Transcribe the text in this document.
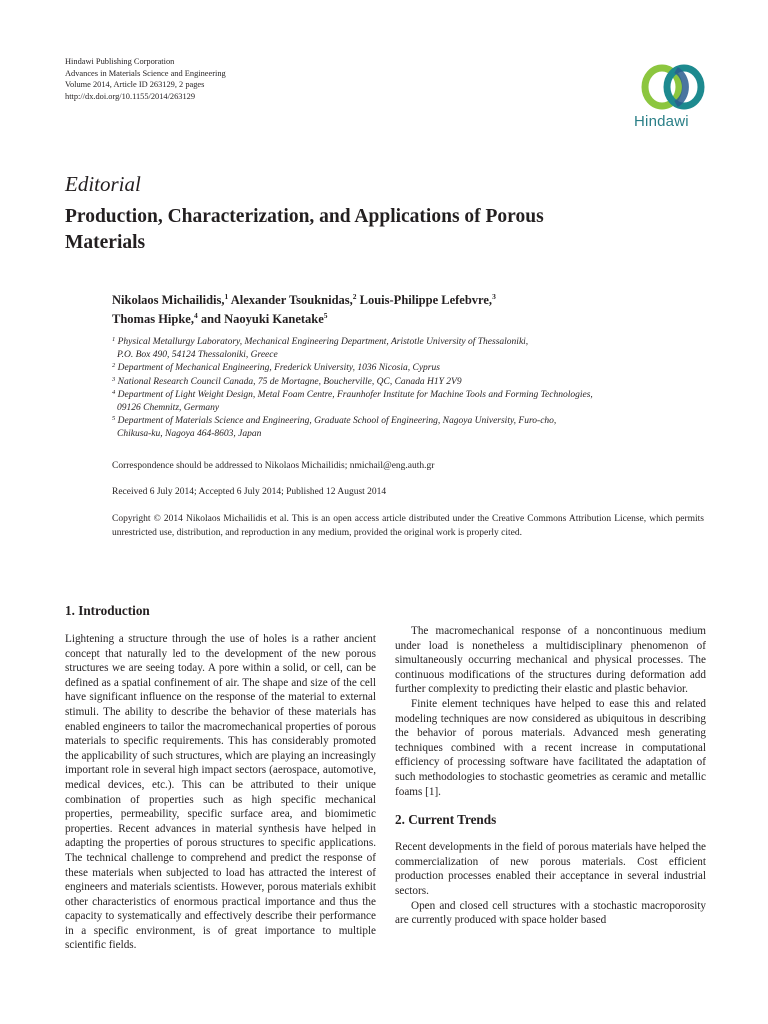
Hindawi Publishing Corporation
Advances in Materials Science and Engineering
Volume 2014, Article ID 263129, 2 pages
http://dx.doi.org/10.1155/2014/263129
Hindawi
Editorial
Production, Characterization, and Applications of Porous Materials
Nikolaos Michailidis,$^1$ Alexander Tsouknidas,$^2$ Louis-Philippe Lefebvre,$^3$
Thomas Hipke,$^4$ and Naoyuki Kanetake$^5$
$^1$ Physical Metallurgy Laboratory, Mechanical Engineering Department, Aristotle University of Thessaloniki,
P.O. Box 490, 54124 Thessaloniki, Greece
$^2$ Department of Mechanical Engineering, Frederick University, 1036 Nicosia, Cyprus
$^3$ National Research Council Canada, 75 de Mortagne, Boucherville, QC, Canada H1Y 2V9
$^4$ Department of Light Weight Design, Metal Foam Centre, Fraunhofer Institute for Machine Tools and Forming Technologies,
09126 Chemnitz, Germany
$^5$ Department of Materials Science and Engineering, Graduate School of Engineering, Nagoya University, Furo-cho,
Chikusa-ku, Nagoya 464-8603, Japan
Correspondence should be addressed to Nikolaos Michailidis; nmichail@eng.auth.gr
Received 6 July 2014; Accepted 6 July 2014; Published 12 August 2014
Copyright © 2014 Nikolaos Michailidis et al. This is an open access article distributed under the Creative Commons Attribution License, which permits unrestricted use, distribution, and reproduction in any medium, provided the original work is properly cited.
1. Introduction

Lightening a structure through the use of holes is a rather ancient concept that naturally led to the development of the new porous structures we are seeing today. A pore within a solid, or cell, can be defined as a spatial confinement of air. The shape and size of the cell have significant influence on the response of the material to external stimuli. The ability to describe the behavior of these materials has enabled engineers to tailor the macromechanical properties of porous materials to specific requirements. This has considerably promoted the applicability of such structures, which are playing an increasingly important role in several high impact sectors (aerospace, automotive, medical devices, etc.). This can be attributed to their unique combination of properties such as high specific mechanical properties, permeability, specific surface area, and biomimetic properties. Recent advances in material synthesis have helped in adapting the properties of porous structures to specific applications. The technical challenge to comprehend and predict the response of these materials when subjected to load has attracted the interest of engineers and materials scientists. However, porous materials exhibit other characteristics of enormous practical importance and thus the capacity to systematically and effectively describe their performance in a specific environment, is of great importance to multiple scientific fields.

The macromechanical response of a noncontinuous medium under load is nonetheless a multidisciplinary phenomenon of simultaneously occurring mechanical and physical processes. The continuous modifications of the structures during deformation add further complexity to predicting their elastic and plastic behavior.

Finite element techniques have helped to ease this and related modeling techniques are now considered as ubiquitous in describing the behavior of porous materials. Advanced mesh generating techniques combined with a recent increase in computational efficiency of processing software have facilitated the adaptation of such methodologies to stochastic geometries as ceramic and metallic foams [1].

2. Current Trends

Recent developments in the field of porous materials have helped the commercialization of new porous materials. Cost efficient production processes enabled their acceptance in several industrial sectors.

Open and closed cell structures with a stochastic macroporosity are currently produced with space holder based
